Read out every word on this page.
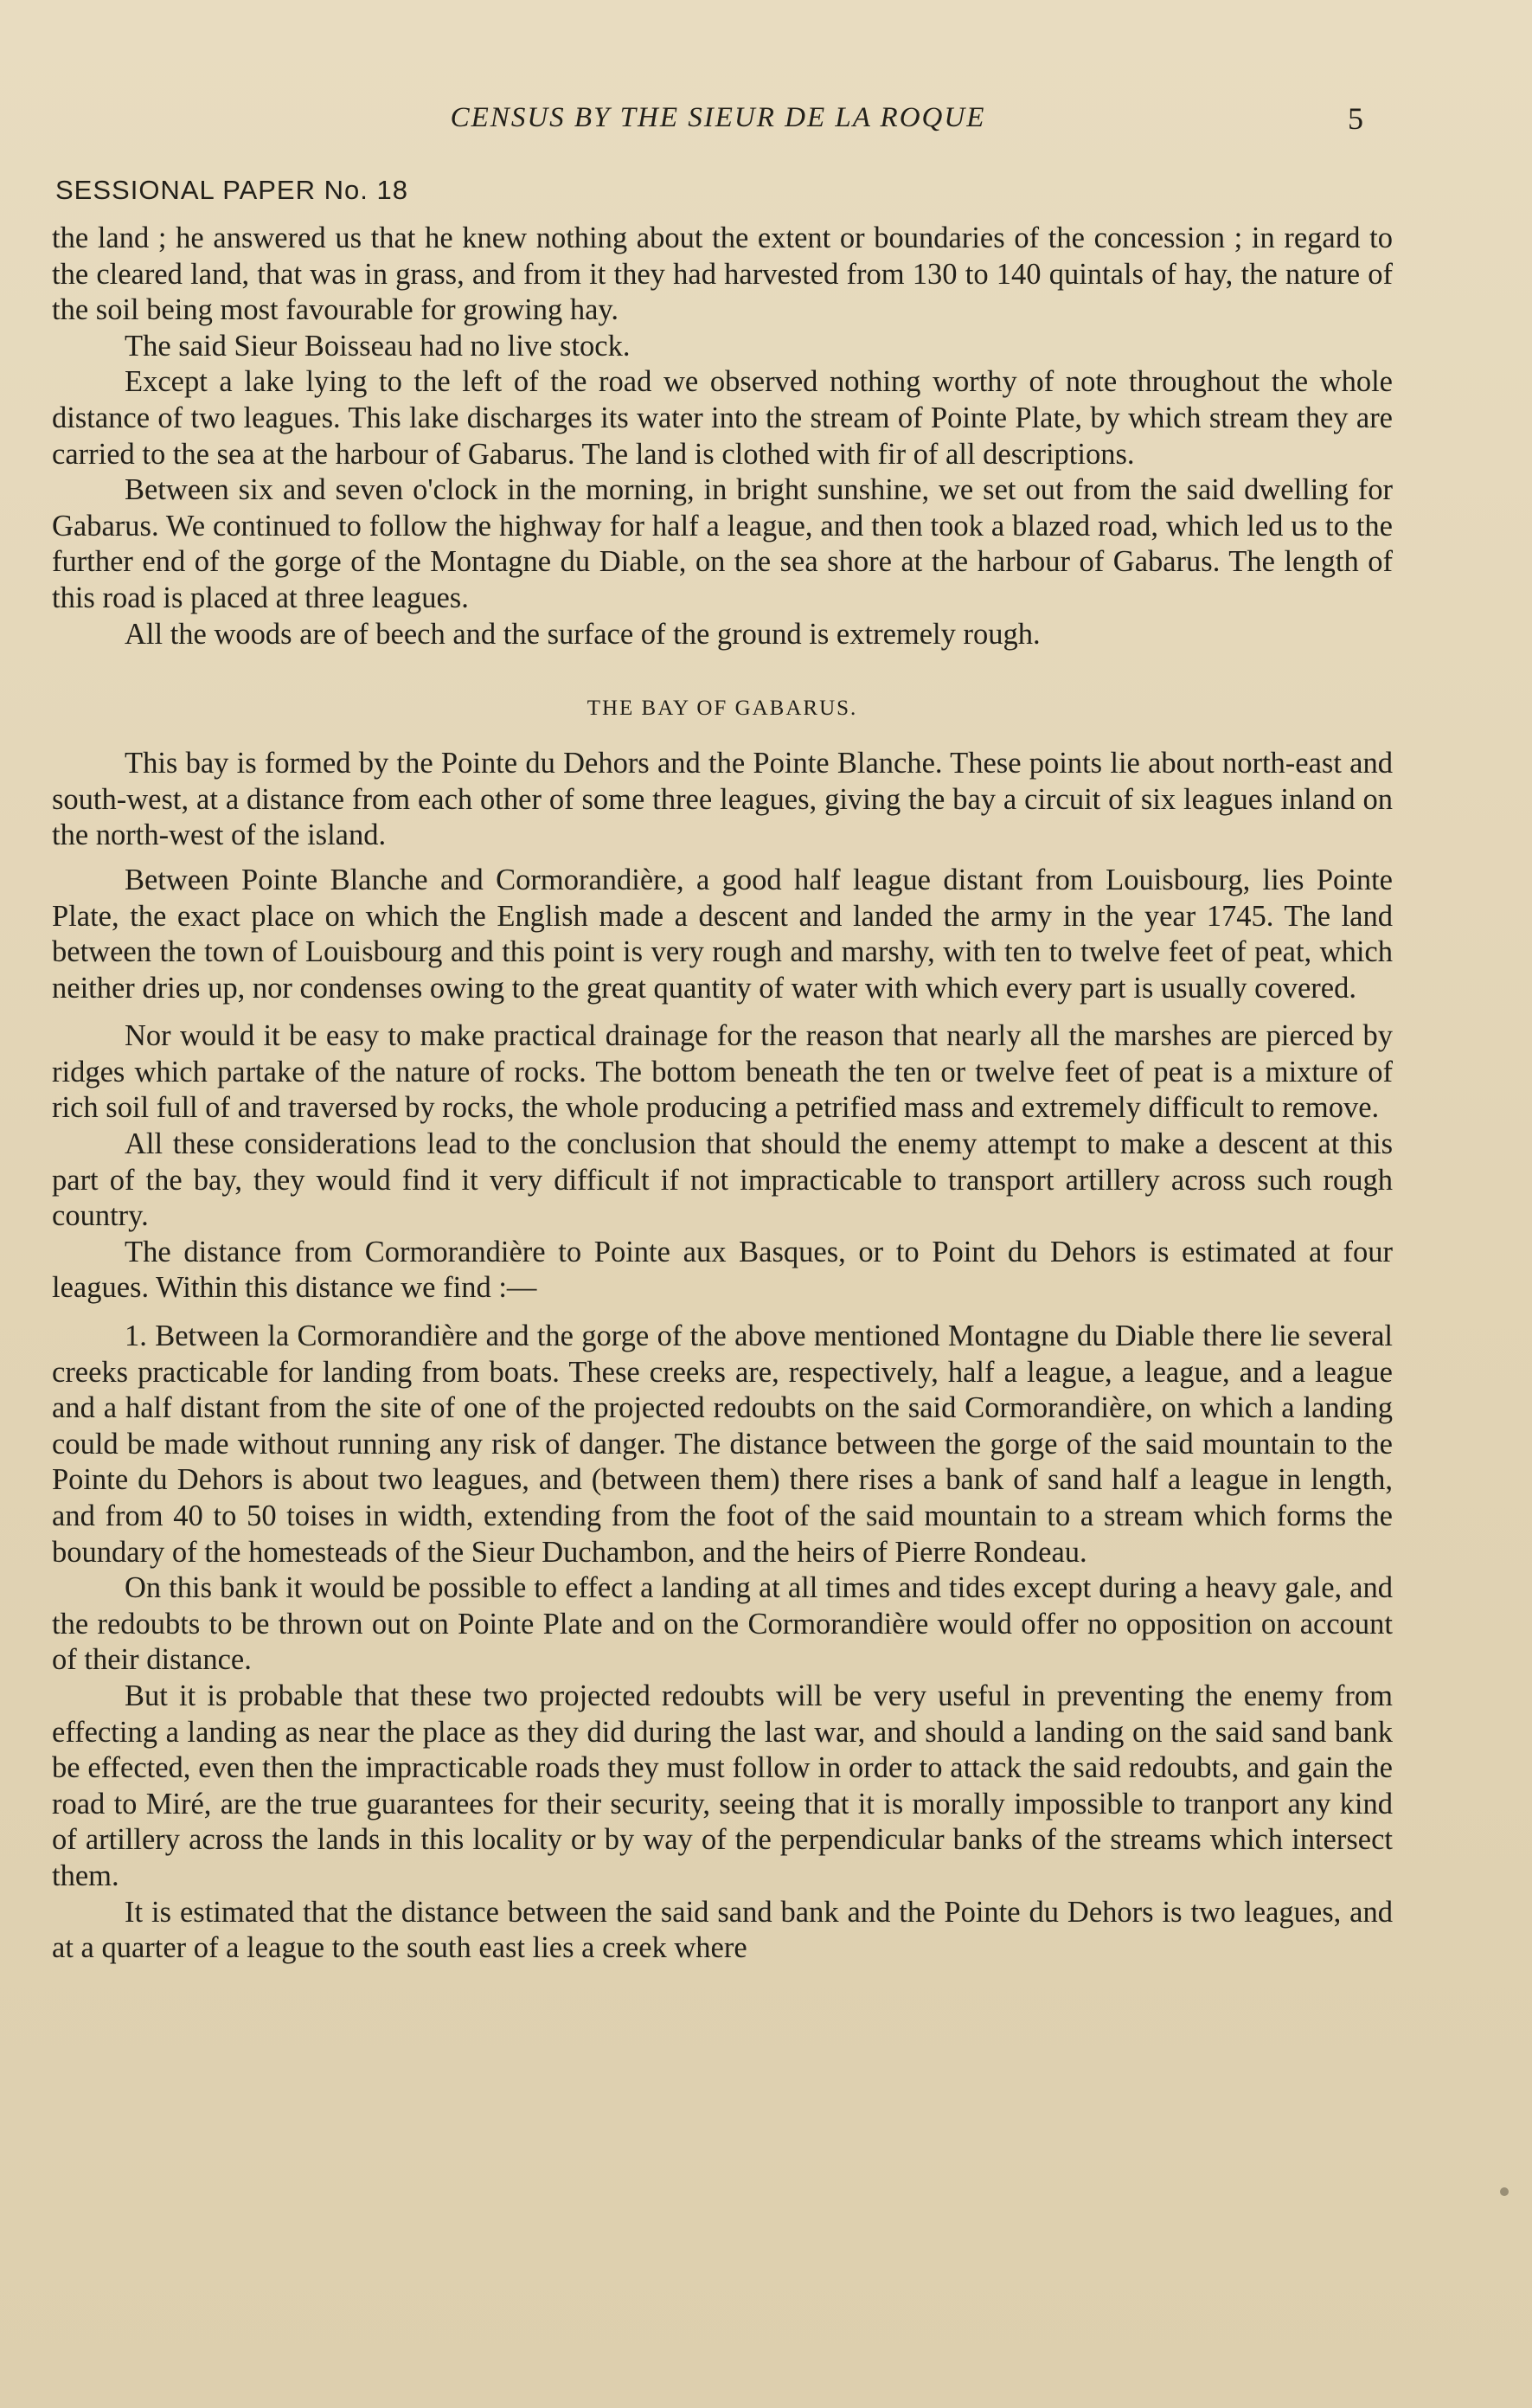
CENSUS BY THE SIEUR DE LA ROQUE	5
SESSIONAL PAPER No. 18

the land ; he answered us that he knew nothing about the extent or boundaries of the concession ; in regard to the cleared land, that was in grass, and from it they had harvested from 130 to 140 quintals of hay, the nature of the soil being most favourable for growing hay.

The said Sieur Boisseau had no live stock.

Except a lake lying to the left of the road we observed nothing worthy of note throughout the whole distance of two leagues. This lake discharges its water into the stream of Pointe Plate, by which stream they are carried to the sea at the harbour of Gabarus. The land is clothed with fir of all descriptions.

Between six and seven o'clock in the morning, in bright sunshine, we set out from the said dwelling for Gabarus. We continued to follow the highway for half a league, and then took a blazed road, which led us to the further end of the gorge of the Montagne du Diable, on the sea shore at the harbour of Gabarus. The length of this road is placed at three leagues.

All the woods are of beech and the surface of the ground is extremely rough.

THE BAY OF GABARUS.

This bay is formed by the Pointe du Dehors and the Pointe Blanche. These points lie about north-east and south-west, at a distance from each other of some three leagues, giving the bay a circuit of six leagues inland on the north-west of the island.

Between Pointe Blanche and Cormorandière, a good half league distant from Louisbourg, lies Pointe Plate, the exact place on which the English made a descent and landed the army in the year 1745. The land between the town of Louisbourg and this point is very rough and marshy, with ten to twelve feet of peat, which neither dries up, nor condenses owing to the great quantity of water with which every part is usually covered.

Nor would it be easy to make practical drainage for the reason that nearly all the marshes are pierced by ridges which partake of the nature of rocks. The bottom beneath the ten or twelve feet of peat is a mixture of rich soil full of and traversed by rocks, the whole producing a petrified mass and extremely difficult to remove.

All these considerations lead to the conclusion that should the enemy attempt to make a descent at this part of the bay, they would find it very difficult if not impracticable to transport artillery across such rough country.

The distance from Cormorandière to Pointe aux Basques, or to Point du Dehors is estimated at four leagues. Within this distance we find :—

1. Between la Cormorandière and the gorge of the above mentioned Montagne du Diable there lie several creeks practicable for landing from boats. These creeks are, respectively, half a league, a league, and a league and a half distant from the site of one of the projected redoubts on the said Cormorandière, on which a landing could be made without running any risk of danger. The distance between the gorge of the said mountain to the Pointe du Dehors is about two leagues, and (between them) there rises a bank of sand half a league in length, and from 40 to 50 toises in width, extending from the foot of the said mountain to a stream which forms the boundary of the homesteads of the Sieur Duchambon, and the heirs of Pierre Rondeau.

On this bank it would be possible to effect a landing at all times and tides except during a heavy gale, and the redoubts to be thrown out on Pointe Plate and on the Cormorandière would offer no opposition on account of their distance.

But it is probable that these two projected redoubts will be very useful in preventing the enemy from effecting a landing as near the place as they did during the last war, and should a landing on the said sand bank be effected, even then the impracticable roads they must follow in order to attack the said redoubts, and gain the road to Miré, are the true guarantees for their security, seeing that it is morally impossible to tranport any kind of artillery across the lands in this locality or by way of the perpendicular banks of the streams which intersect them.

It is estimated that the distance between the said sand bank and the Pointe du Dehors is two leagues, and at a quarter of a league to the south east lies a creek where
